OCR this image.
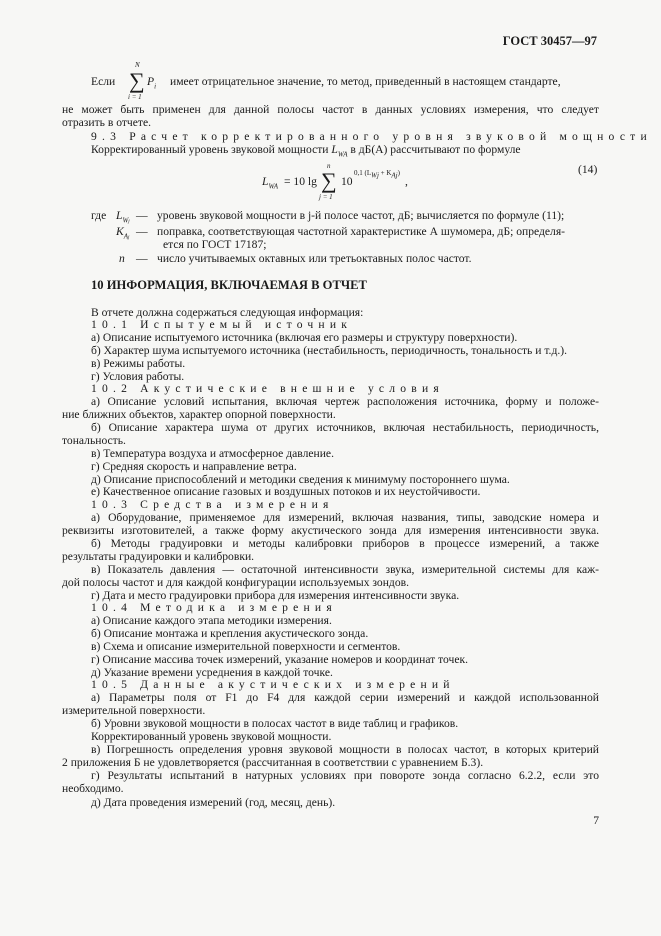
ГОСТ 30457—97
Если
N
∑
i = 1
$P_i$ имеет отрицательное значение, то метод, приведенный в настоящем стандарте,
не может быть применен для данной полосы частот в данных условиях измерения, что следует
отразить в отчете.
9.3 Расчет корректированного уровня звуковой мощности
Корректированный уровень звуковой мощности $L_{WA}$ в дБ(A) рассчитывают по формуле
$L_{WA} = 10$ lg
n
∑
j = 1
10
0,1 $(L_{Wj} + K_{Aj})$
,
(14)
где $L_{Wj}$ — уровень звуковой мощности в j-й полосе частот, дБ; вычисляется по формуле (11);
$K_{Aj}$ — поправка, соответствующая частотной характеристике А шумомера, дБ; определя-
ется по ГОСТ 17187;
n — число учитываемых октавных или третьоктавных полос частот.
10 ИНФОРМАЦИЯ, ВКЛЮЧАЕМАЯ В ОТЧЕТ
В отчете должна содержаться следующая информация:
10.1 Испытуемый источник
а) Описание испытуемого источника (включая его размеры и структуру поверхности).
б) Характер шума испытуемого источника (нестабильность, периодичность, тональность и т.д.).
в) Режимы работы.
г) Условия работы.
10.2 Акустические внешние условия
а) Описание условий испытания, включая чертеж расположения источника, форму и положе-
ние ближних объектов, характер опорной поверхности.
б) Описание характера шума от других источников, включая нестабильность, периодичность,
тональность.
в) Температура воздуха и атмосферное давление.
г) Средняя скорость и направление ветра.
д) Описание приспособлений и методики сведения к минимуму постороннего шума.
е) Качественное описание газовых и воздушных потоков и их неустойчивости.
10.3 Средства измерения
а) Оборудование, применяемое для измерений, включая названия, типы, заводские номера и
реквизиты изготовителей, а также форму акустического зонда для измерения интенсивности звука.
б) Методы градуировки и методы калибровки приборов в процессе измерений, а также
результаты градуировки и калибровки.
в) Показатель давления — остаточной интенсивности звука, измерительной системы для каж-
дой полосы частот и для каждой конфигурации используемых зондов.
г) Дата и место градуировки прибора для измерения интенсивности звука.
10.4 Методика измерения
а) Описание каждого этапа методики измерения.
б) Описание монтажа и крепления акустического зонда.
в) Схема и описание измерительной поверхности и сегментов.
г) Описание массива точек измерений, указание номеров и координат точек.
д) Указание времени усреднения в каждой точке.
10.5 Данные акустических измерений
а) Параметры поля от F1 до F4 для каждой серии измерений и каждой использованной
измерительной поверхности.
б) Уровни звуковой мощности в полосах частот в виде таблиц и графиков.
Корректированный уровень звуковой мощности.
в) Погрешность определения уровня звуковой мощности в полосах частот, в которых критерий
2 приложения Б не удовлетворяется (рассчитанная в соответствии с уравнением Б.3).
г) Результаты испытаний в натурных условиях при повороте зонда согласно 6.2.2, если это
необходимо.
д) Дата проведения измерений (год, месяц, день).
7
